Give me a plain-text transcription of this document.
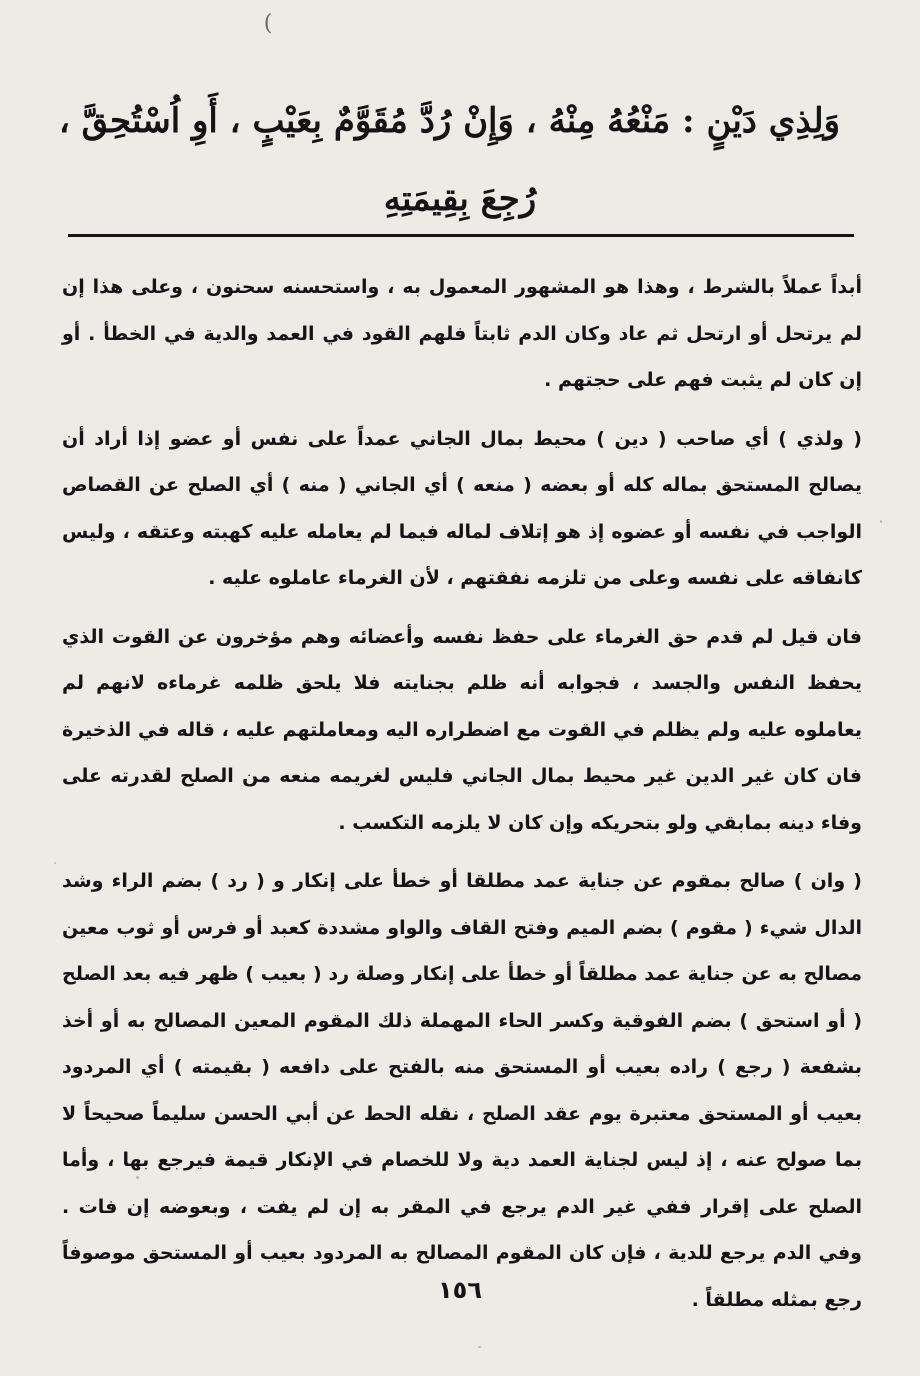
(
وَلِذِي دَيْنٍ : مَنْعُهُ مِنْهُ ، وَإِنْ رُدَّ مُقَوَّمٌ بِعَيْبٍ ، أَوِ اُسْتُحِقَّ ،
رُجِعَ بِقِيمَتِهِ

أبداً عملاً بالشرط ، وهذا هو المشهور المعمول به ، واستحسنه سحنون ، وعلى هذا إن لم يرتحل أو ارتحل ثم عاد وكان الدم ثابتاً فلهم القود في العمد والدية في الخطأ . أو إن كان لم يثبت فهم على حجتهم .

( ولذي ) أي صاحب ( دين ) محيط بمال الجاني عمداً على نفس أو عضو إذا أراد أن يصالح المستحق بماله كله أو بعضه ( منعه ) أي الجاني ( منه ) أي الصلح عن القصاص الواجب في نفسه أو عضوه إذ هو إتلاف لماله فيما لم يعامله عليه كهبته وعتقه ، وليس كانفاقه على نفسه وعلى من تلزمه نفقتهم ، لأن الغرماء عاملوه عليه .

فان قيل لم قدم حق الغرماء على حفظ نفسه وأعضائه وهم مؤخرون عن القوت الذي يحفظ النفس والجسد ، فجوابه أنه ظلم بجنايته فلا يلحق ظلمه غرماءه لانهم لم يعاملوه عليه ولم يظلم في القوت مع اضطراره اليه ومعاملتهم عليه ، قاله في الذخيرة فان كان غير الدين غير محيط بمال الجاني فليس لغريمه منعه من الصلح لقدرته على وفاء دينه بمابقي ولو بتحريكه وإن كان لا يلزمه التكسب .

( وان ) صالح بمقوم عن جناية عمد مطلقا أو خطأ على إنكار و ( رد ) بضم الراء وشد الدال شيء ( مقوم ) بضم الميم وفتح القاف والواو مشددة كعبد أو فرس أو ثوب معين مصالح به عن جناية عمد مطلقاً أو خطأ على إنكار وصلة رد ( بعيب ) ظهر فيه بعد الصلح ( أو استحق ) بضم الفوقية وكسر الحاء المهملة ذلك المقوم المعين المصالح به أو أخذ بشفعة ( رجع ) راده بعيب أو المستحق منه بالفتح على دافعه ( بقيمته ) أي المردود بعيب أو المستحق معتبرة يوم عقد الصلح ، نقله الحط عن أبي الحسن سليماً صحيحاً لا بما صولح عنه ، إذ ليس لجناية العمد دية ولا للخصام في الإنكار قيمة فيرجع بها ، وأما الصلح على إقرار ففي غير الدم يرجع في المقر به إن لم يفت ، وبعوضه إن فات . وفي الدم يرجع للدية ، فإن كان المقوم المصالح به المردود بعيب أو المستحق موصوفاً رجع بمثله مطلقاً .

١٥٦
